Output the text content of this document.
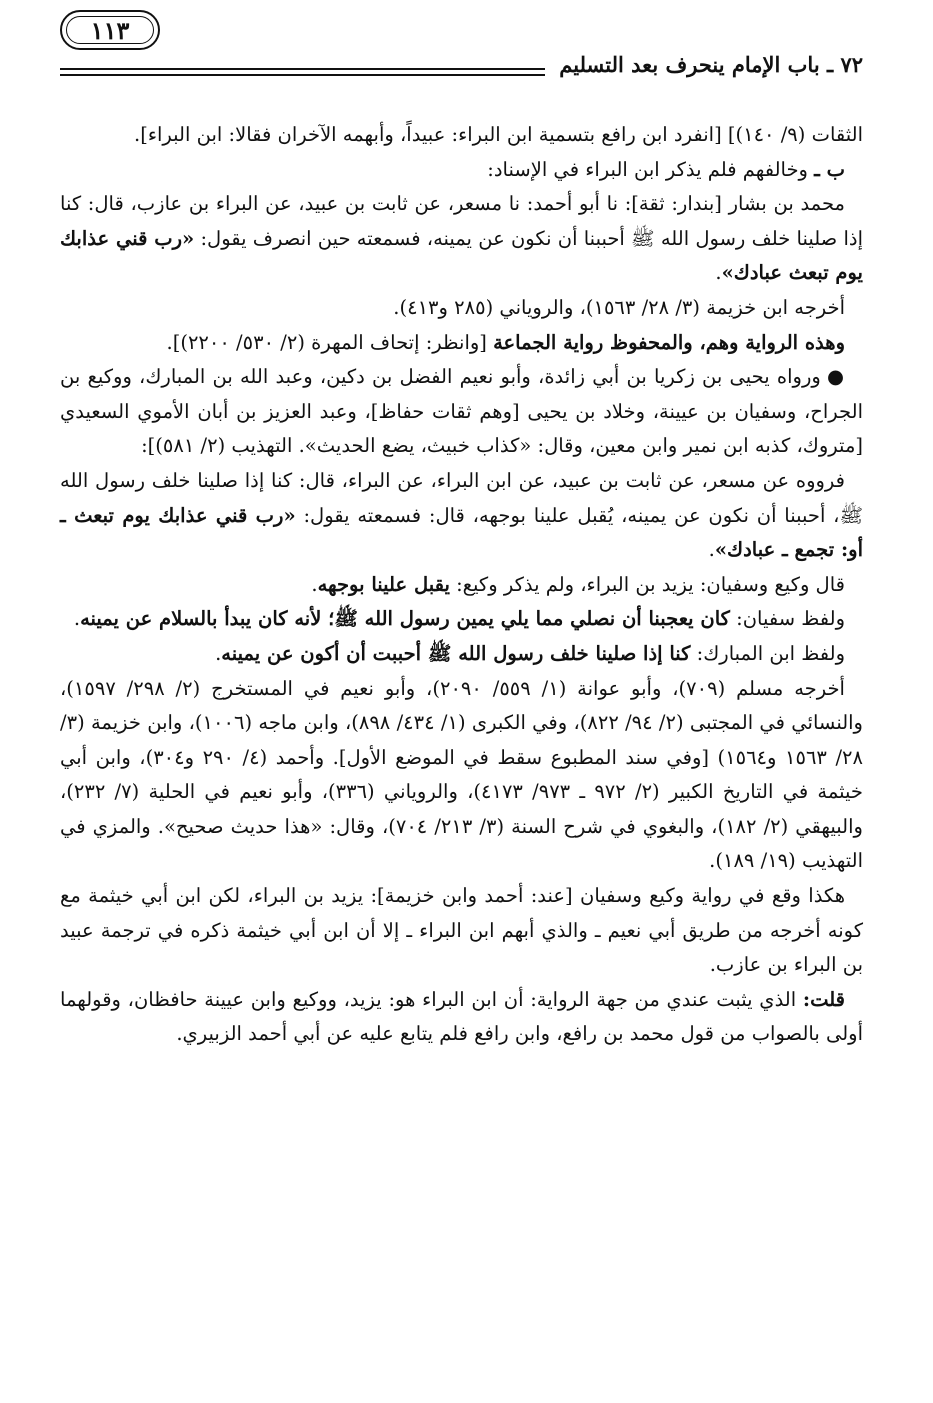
٧٢ ـ باب الإمام ينحرف بعد التسليم
١١٣

الثقات (٩/ ١٤٠)] [انفرد ابن رافع بتسمية ابن البراء: عبيداً، وأبهمه الآخران فقالا: ابن البراء].

ب ـ وخالفهم فلم يذكر ابن البراء في الإسناد:

محمد بن بشار [بندار: ثقة]: نا أبو أحمد: نا مسعر، عن ثابت بن عبيد، عن البراء بن عازب، قال: كنا إذا صلينا خلف رسول الله ﷺ أحببنا أن نكون عن يمينه، فسمعته حين انصرف يقول: «رب قني عذابك يوم تبعث عبادك».

أخرجه ابن خزيمة (٣/ ٢٨/ ١٥٦٣)، والروياني (٢٨٥ و٤١٣).

وهذه الرواية وهم، والمحفوظ رواية الجماعة [وانظر: إتحاف المهرة (٢/ ٥٣٠/ ٢٢٠٠)].

● ورواه يحيى بن زكريا بن أبي زائدة، وأبو نعيم الفضل بن دكين، وعبد الله بن المبارك، ووكيع بن الجراح، وسفيان بن عيينة، وخلاد بن يحيى [وهم ثقات حفاظ]، وعبد العزيز بن أبان الأموي السعيدي [متروك، كذبه ابن نمير وابن معين، وقال: «كذاب خبيث، يضع الحديث». التهذيب (٢/ ٥٨١)]:

فرووه عن مسعر، عن ثابت بن عبيد، عن ابن البراء، عن البراء، قال: كنا إذا صلينا خلف رسول الله ﷺ، أحببنا أن نكون عن يمينه، يُقبل علينا بوجهه، قال: فسمعته يقول: «رب قني عذابك يوم تبعث ـ أو: تجمع ـ عبادك».

قال وكيع وسفيان: يزيد بن البراء، ولم يذكر وكيع: يقبل علينا بوجهه.

ولفظ سفيان: كان يعجبنا أن نصلي مما يلي يمين رسول الله ﷺ؛ لأنه كان يبدأ بالسلام عن يمينه.

ولفظ ابن المبارك: كنا إذا صلينا خلف رسول الله ﷺ أحببت أن أكون عن يمينه.

أخرجه مسلم (٧٠٩)، وأبو عوانة (١/ ٥٥٩/ ٢٠٩٠)، وأبو نعيم في المستخرج (٢/ ٢٩٨/ ١٥٩٧)، والنسائي في المجتبى (٢/ ٩٤/ ٨٢٢)، وفي الكبرى (١/ ٤٣٤/ ٨٩٨)، وابن ماجه (١٠٠٦)، وابن خزيمة (٣/ ٢٨/ ١٥٦٣ و١٥٦٤) [وفي سند المطبوع سقط في الموضع الأول]. وأحمد (٤/ ٢٩٠ و٣٠٤)، وابن أبي خيثمة في التاريخ الكبير (٢/ ٩٧٢ ـ ٩٧٣/ ٤١٧٣)، والروياني (٣٣٦)، وأبو نعيم في الحلية (٧/ ٢٣٢)، والبيهقي (٢/ ١٨٢)، والبغوي في شرح السنة (٣/ ٢١٣/ ٧٠٤)، وقال: «هذا حديث صحيح». والمزي في التهذيب (١٩/ ١٨٩).

هكذا وقع في رواية وكيع وسفيان [عند: أحمد وابن خزيمة]: يزيد بن البراء، لكن ابن أبي خيثمة مع كونه أخرجه من طريق أبي نعيم ـ والذي أبهم ابن البراء ـ إلا أن ابن أبي خيثمة ذكره في ترجمة عبيد بن البراء بن عازب.

قلت: الذي يثبت عندي من جهة الرواية: أن ابن البراء هو: يزيد، ووكيع وابن عيينة حافظان، وقولهما أولى بالصواب من قول محمد بن رافع، وابن رافع فلم يتابع عليه عن أبي أحمد الزبيري.
